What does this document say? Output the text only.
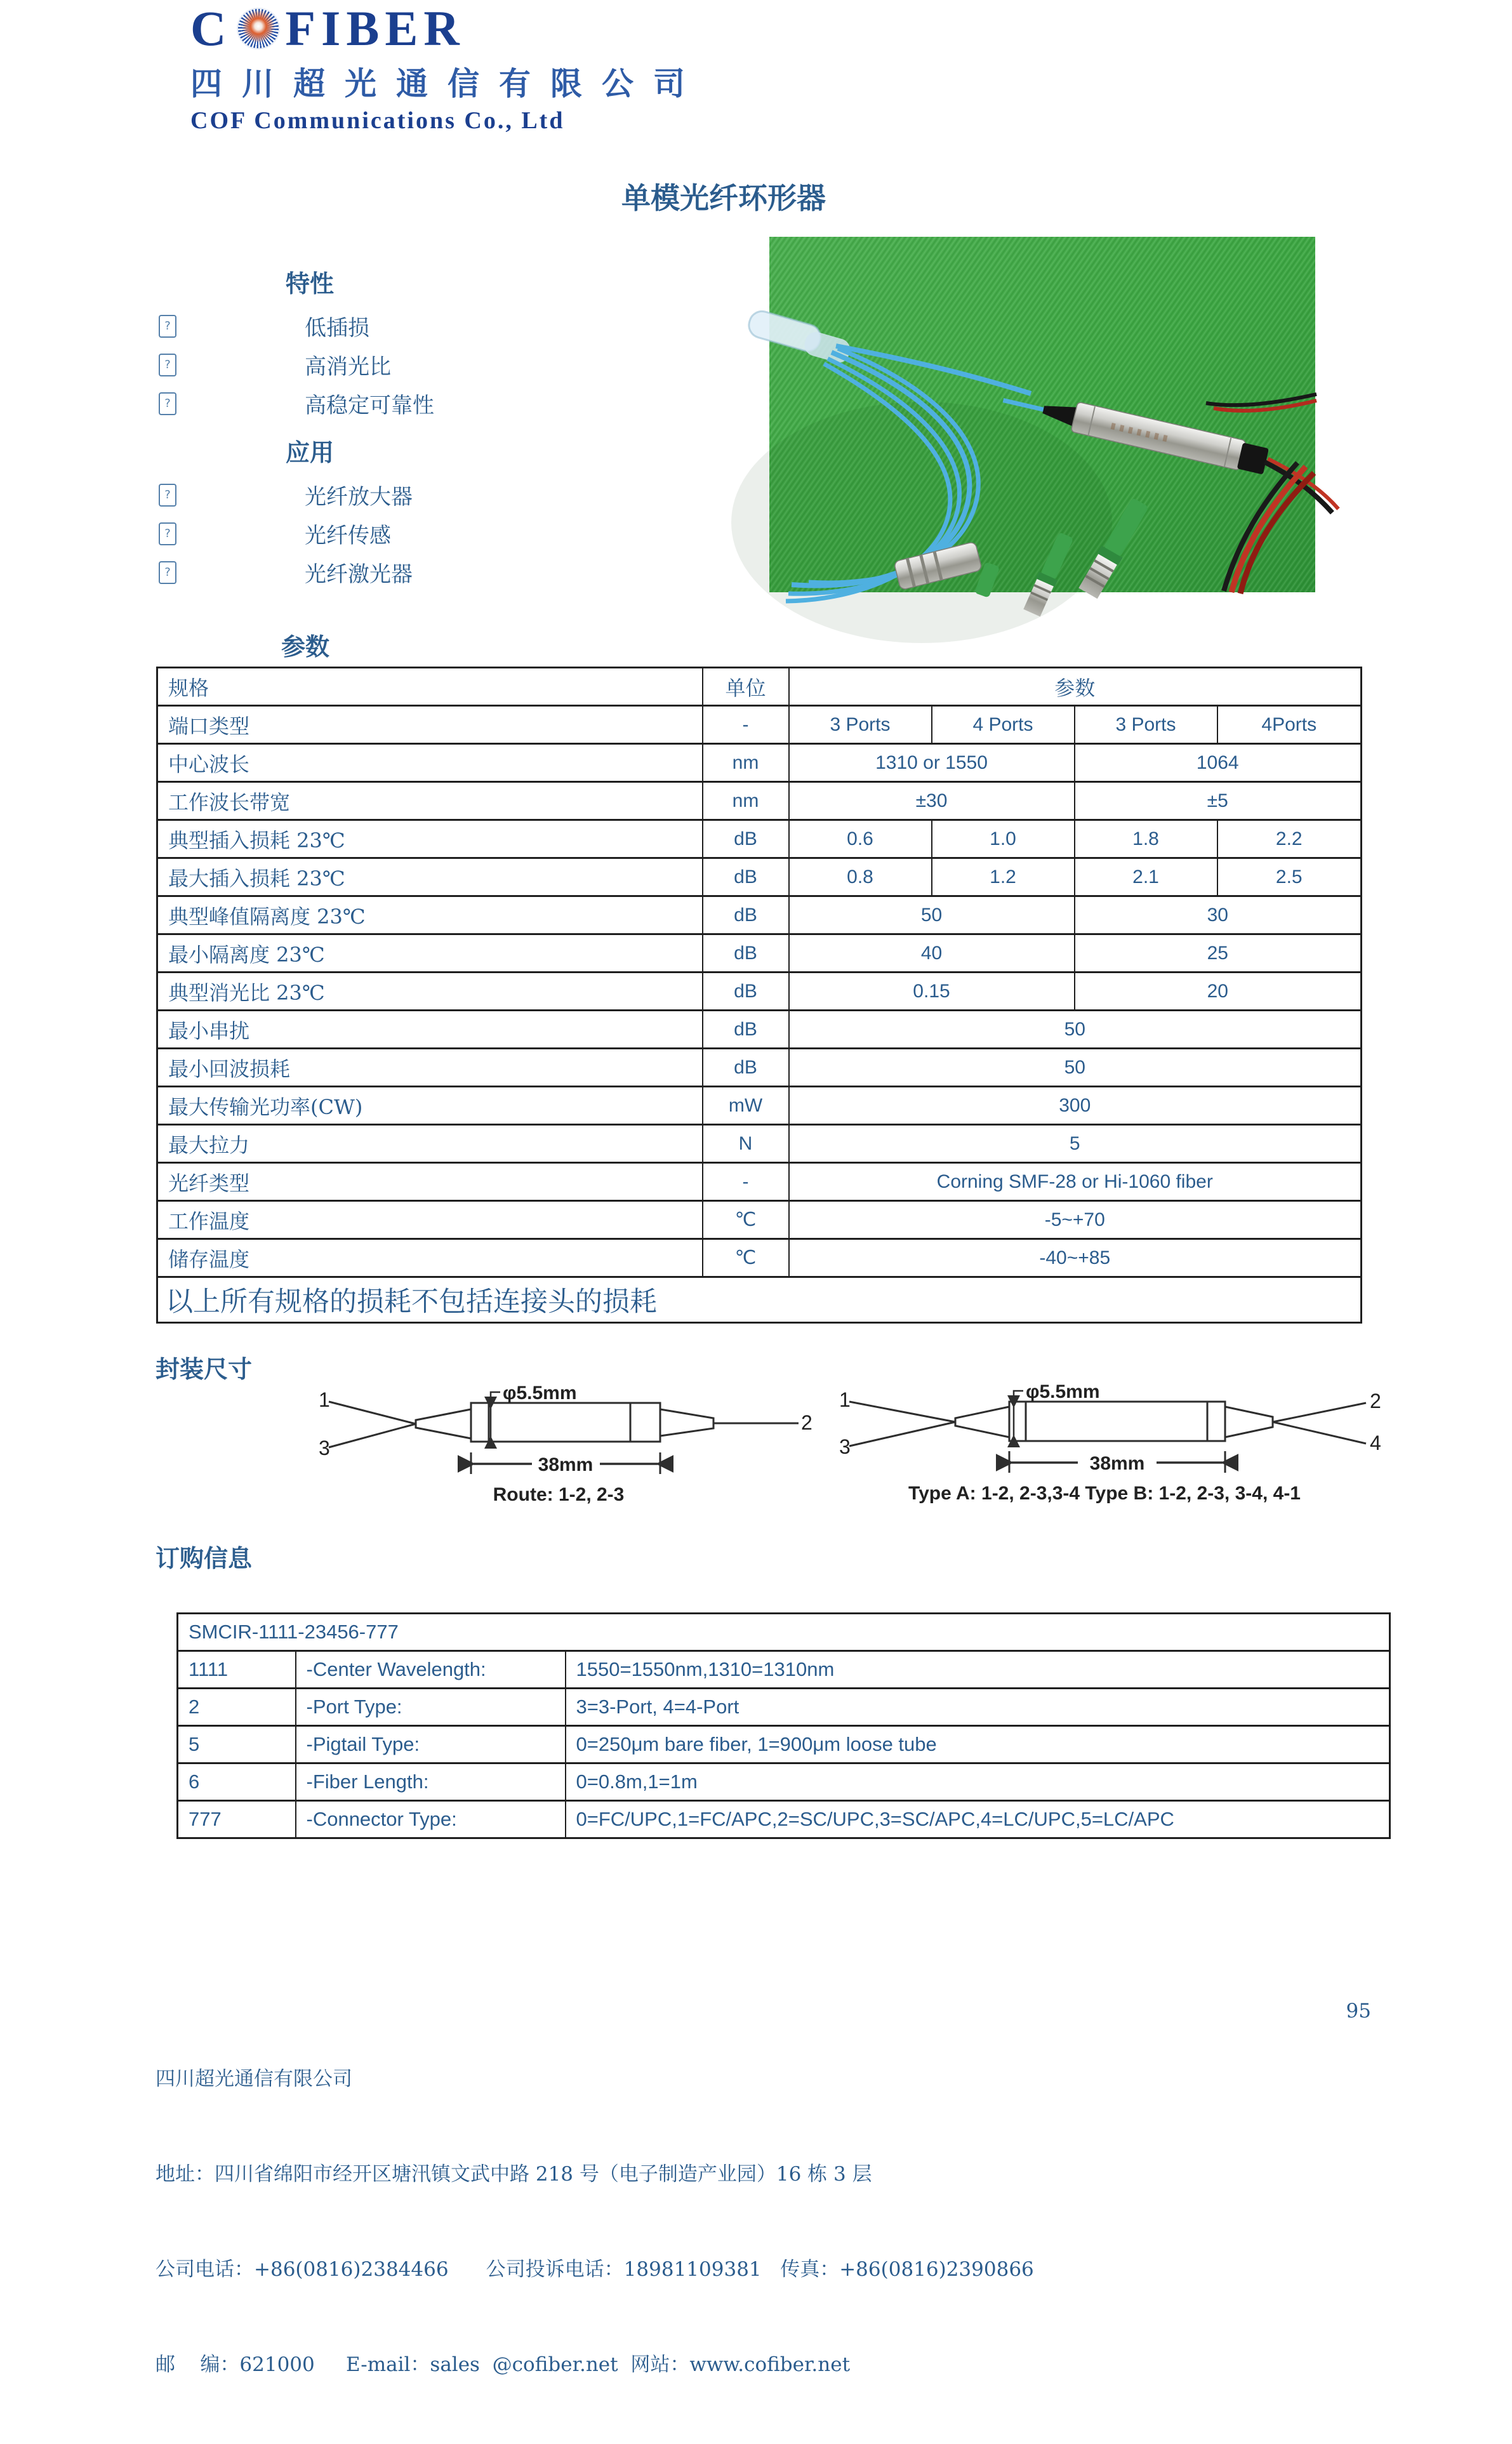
C FIBER
四川超光通信有限公司
COF Communications Co., Ltd
单模光纤环形器
特性
?	低插损
?	高消光比
?	高稳定可靠性
应用
?	光纤放大器
?	光纤传感
?	光纤激光器
参数
规格	单位	参数			
端口类型	-	3 Ports	4 Ports	3 Ports	4Ports
中心波长	nm	1310 or 1550		1064	
工作波长带宽	nm	±30		±5	
典型插入损耗 23℃	dB	0.6	1.0	1.8	2.2
最大插入损耗 23℃	dB	0.8	1.2	2.1	2.5
典型峰值隔离度 23℃	dB	50		30	
最小隔离度 23℃	dB	40		25	
典型消光比 23℃	dB	0.15		20	
最小串扰	dB	50			
最小回波损耗	dB	50			
最大传输光功率(CW)	mW	300			
最大拉力	N	5			
光纤类型	-	Corning SMF-28 or Hi-1060 fiber			
工作温度	℃	-5~+70			
储存温度	℃	-40~+85			
以上所有规格的损耗不包括连接头的损耗					
封装尺寸
1
3
2
φ5.5mm
38mm
Route: 1-2, 2-3
1
3
2
4
φ5.5mm
38mm
Type A: 1-2, 2-3,3-4 Type B: 1-2, 2-3, 3-4, 4-1
订购信息
SMCIR-1111-23456-777		
1111	-Center Wavelength:	1550=1550nm,1310=1310nm
2	-Port Type:	3=3-Port, 4=4-Port
5	-Pigtail Type:	0=250μm bare fiber, 1=900μm loose tube
6	-Fiber Length:	0=0.8m,1=1m
777	-Connector Type:	0=FC/UPC,1=FC/APC,2=SC/UPC,3=SC/APC,4=LC/UPC,5=LC/APC

四川超光通信有限公司

地址：四川省绵阳市经开区塘汛镇文武中路 218 号（电子制造产业园）16 栋 3 层

公司电话：+86(0816)2384466      公司投诉电话：18981109381   传真：+86(0816)2390866

邮    编：621000     E-mail：sales  @cofiber.net  网站：www.cofiber.net

95
